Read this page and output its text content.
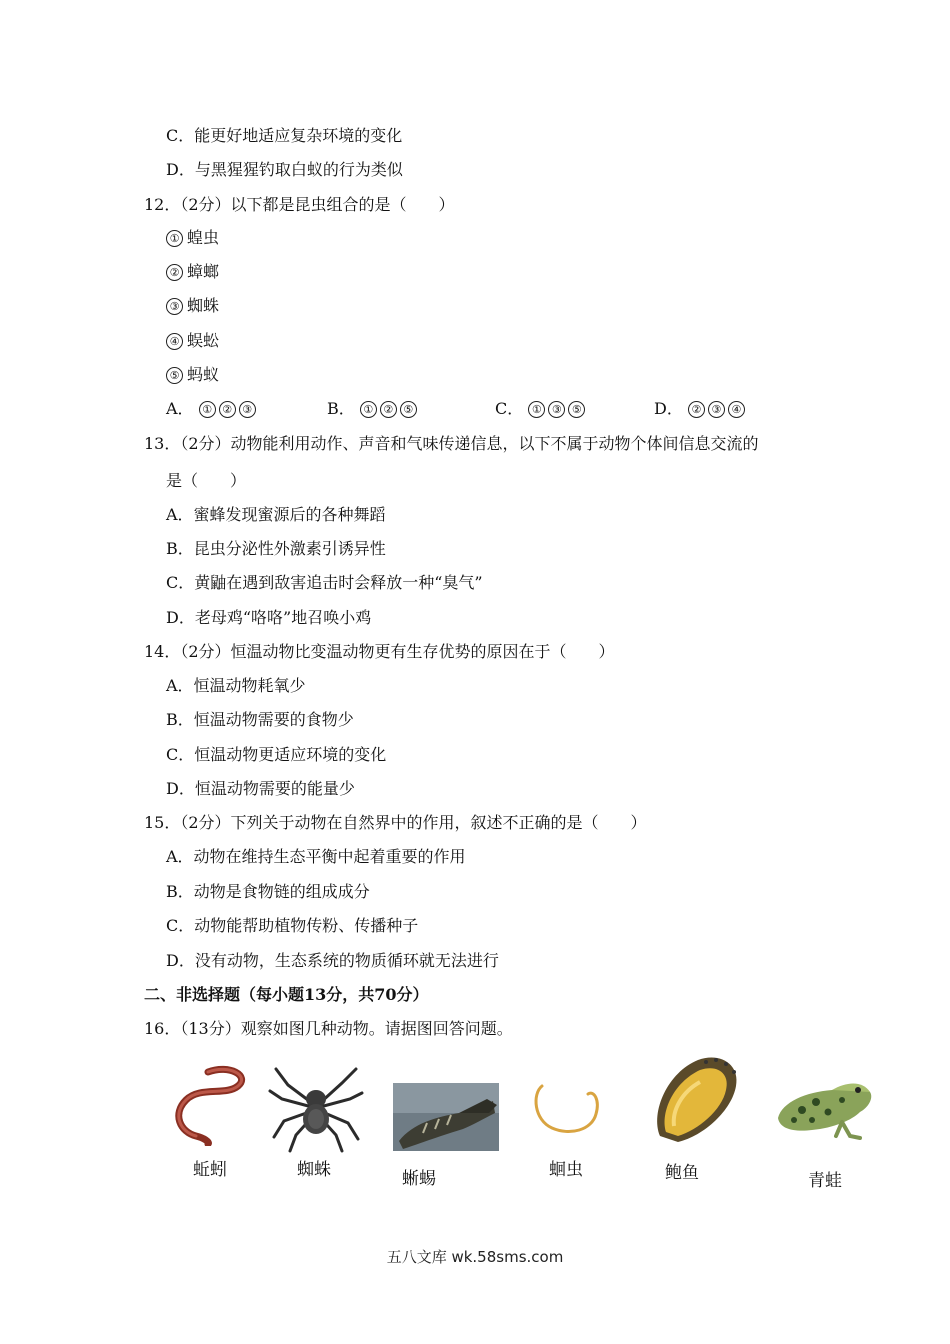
C．能更好地适应复杂环境的变化
D．与黑猩猩钓取白蚁的行为类似
12．（2分）以下都是昆虫组合的是（　　）
① 蝗虫
② 蟑螂
③ 蜘蛛
④ 蜈蚣
⑤ 蚂蚁
A． ① ② ③	B． ① ② ⑤	C． ① ③ ⑤	D． ② ③ ④
13．（2分）动物能利用动作、声音和气味传递信息，以下不属于动物个体间信息交流的
是（　　）
A．蜜蜂发现蜜源后的各种舞蹈
B．昆虫分泌性外激素引诱异性
C．黄鼬在遇到敌害追击时会释放一种“臭气”
D．老母鸡“咯咯”地召唤小鸡
14．（2分）恒温动物比变温动物更有生存优势的原因在于（　　）
A．恒温动物耗氧少
B．恒温动物需要的食物少
C．恒温动物更适应环境的变化
D．恒温动物需要的能量少
15．（2分）下列关于动物在自然界中的作用，叙述不正确的是（　　）
A．动物在维持生态平衡中起着重要的作用
B．动物是食物链的组成成分
C．动物能帮助植物传粉、传播种子
D．没有动物，生态系统的物质循环就无法进行
二、非选择题（每小题13分，共70分）
16．（13分）观察如图几种动物。请据图回答问题。
蚯蚓	蜘蛛	蜥蜴	蛔虫	鲍鱼	青蛙
五八文库 wk.58sms.com
